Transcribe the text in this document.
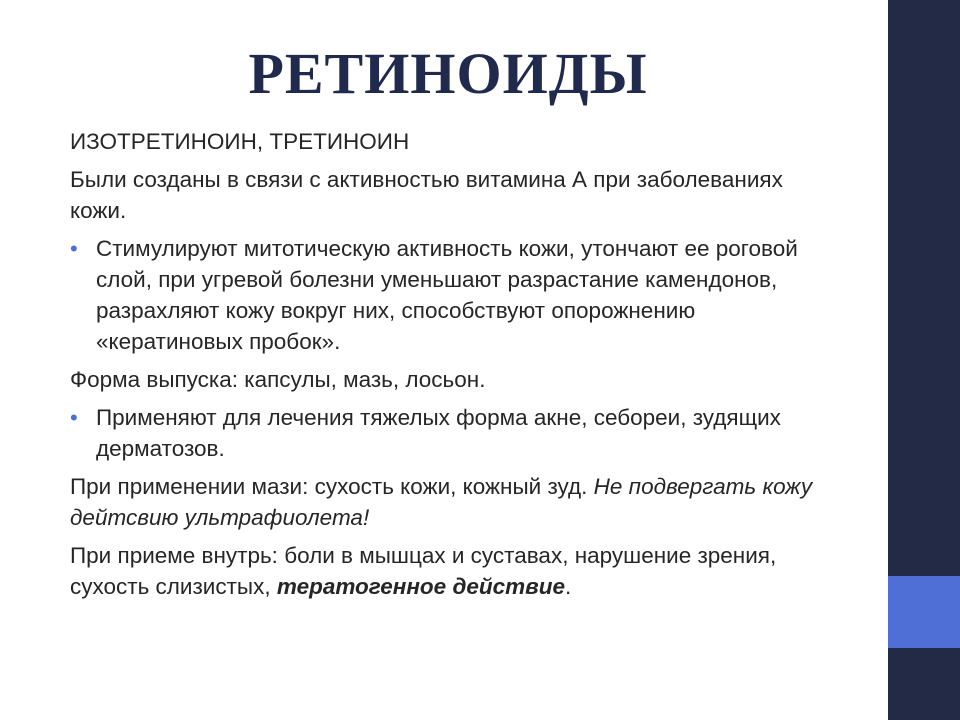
РЕТИНОИДЫ

ИЗОТРЕТИНОИН, ТРЕТИНОИН

Были созданы в связи с активностью витамина А при заболеваниях кожи.

• Стимулируют митотическую активность кожи, утончают ее роговой слой, при угревой болезни уменьшают разрастание камендонов, разрахляют кожу вокруг них, способствуют опорожнению «кератиновых пробок».

Форма выпуска: капсулы, мазь, лосьон.

• Применяют для лечения тяжелых форма акне, себореи, зудящих дерматозов.

При применении мази: сухость кожи, кожный зуд. Не подвергать кожу дейтсвию ультрафиолета!

При приеме внутрь: боли в мышцах и суставах, нарушение зрения, сухость слизистых, тератогенное действие.
